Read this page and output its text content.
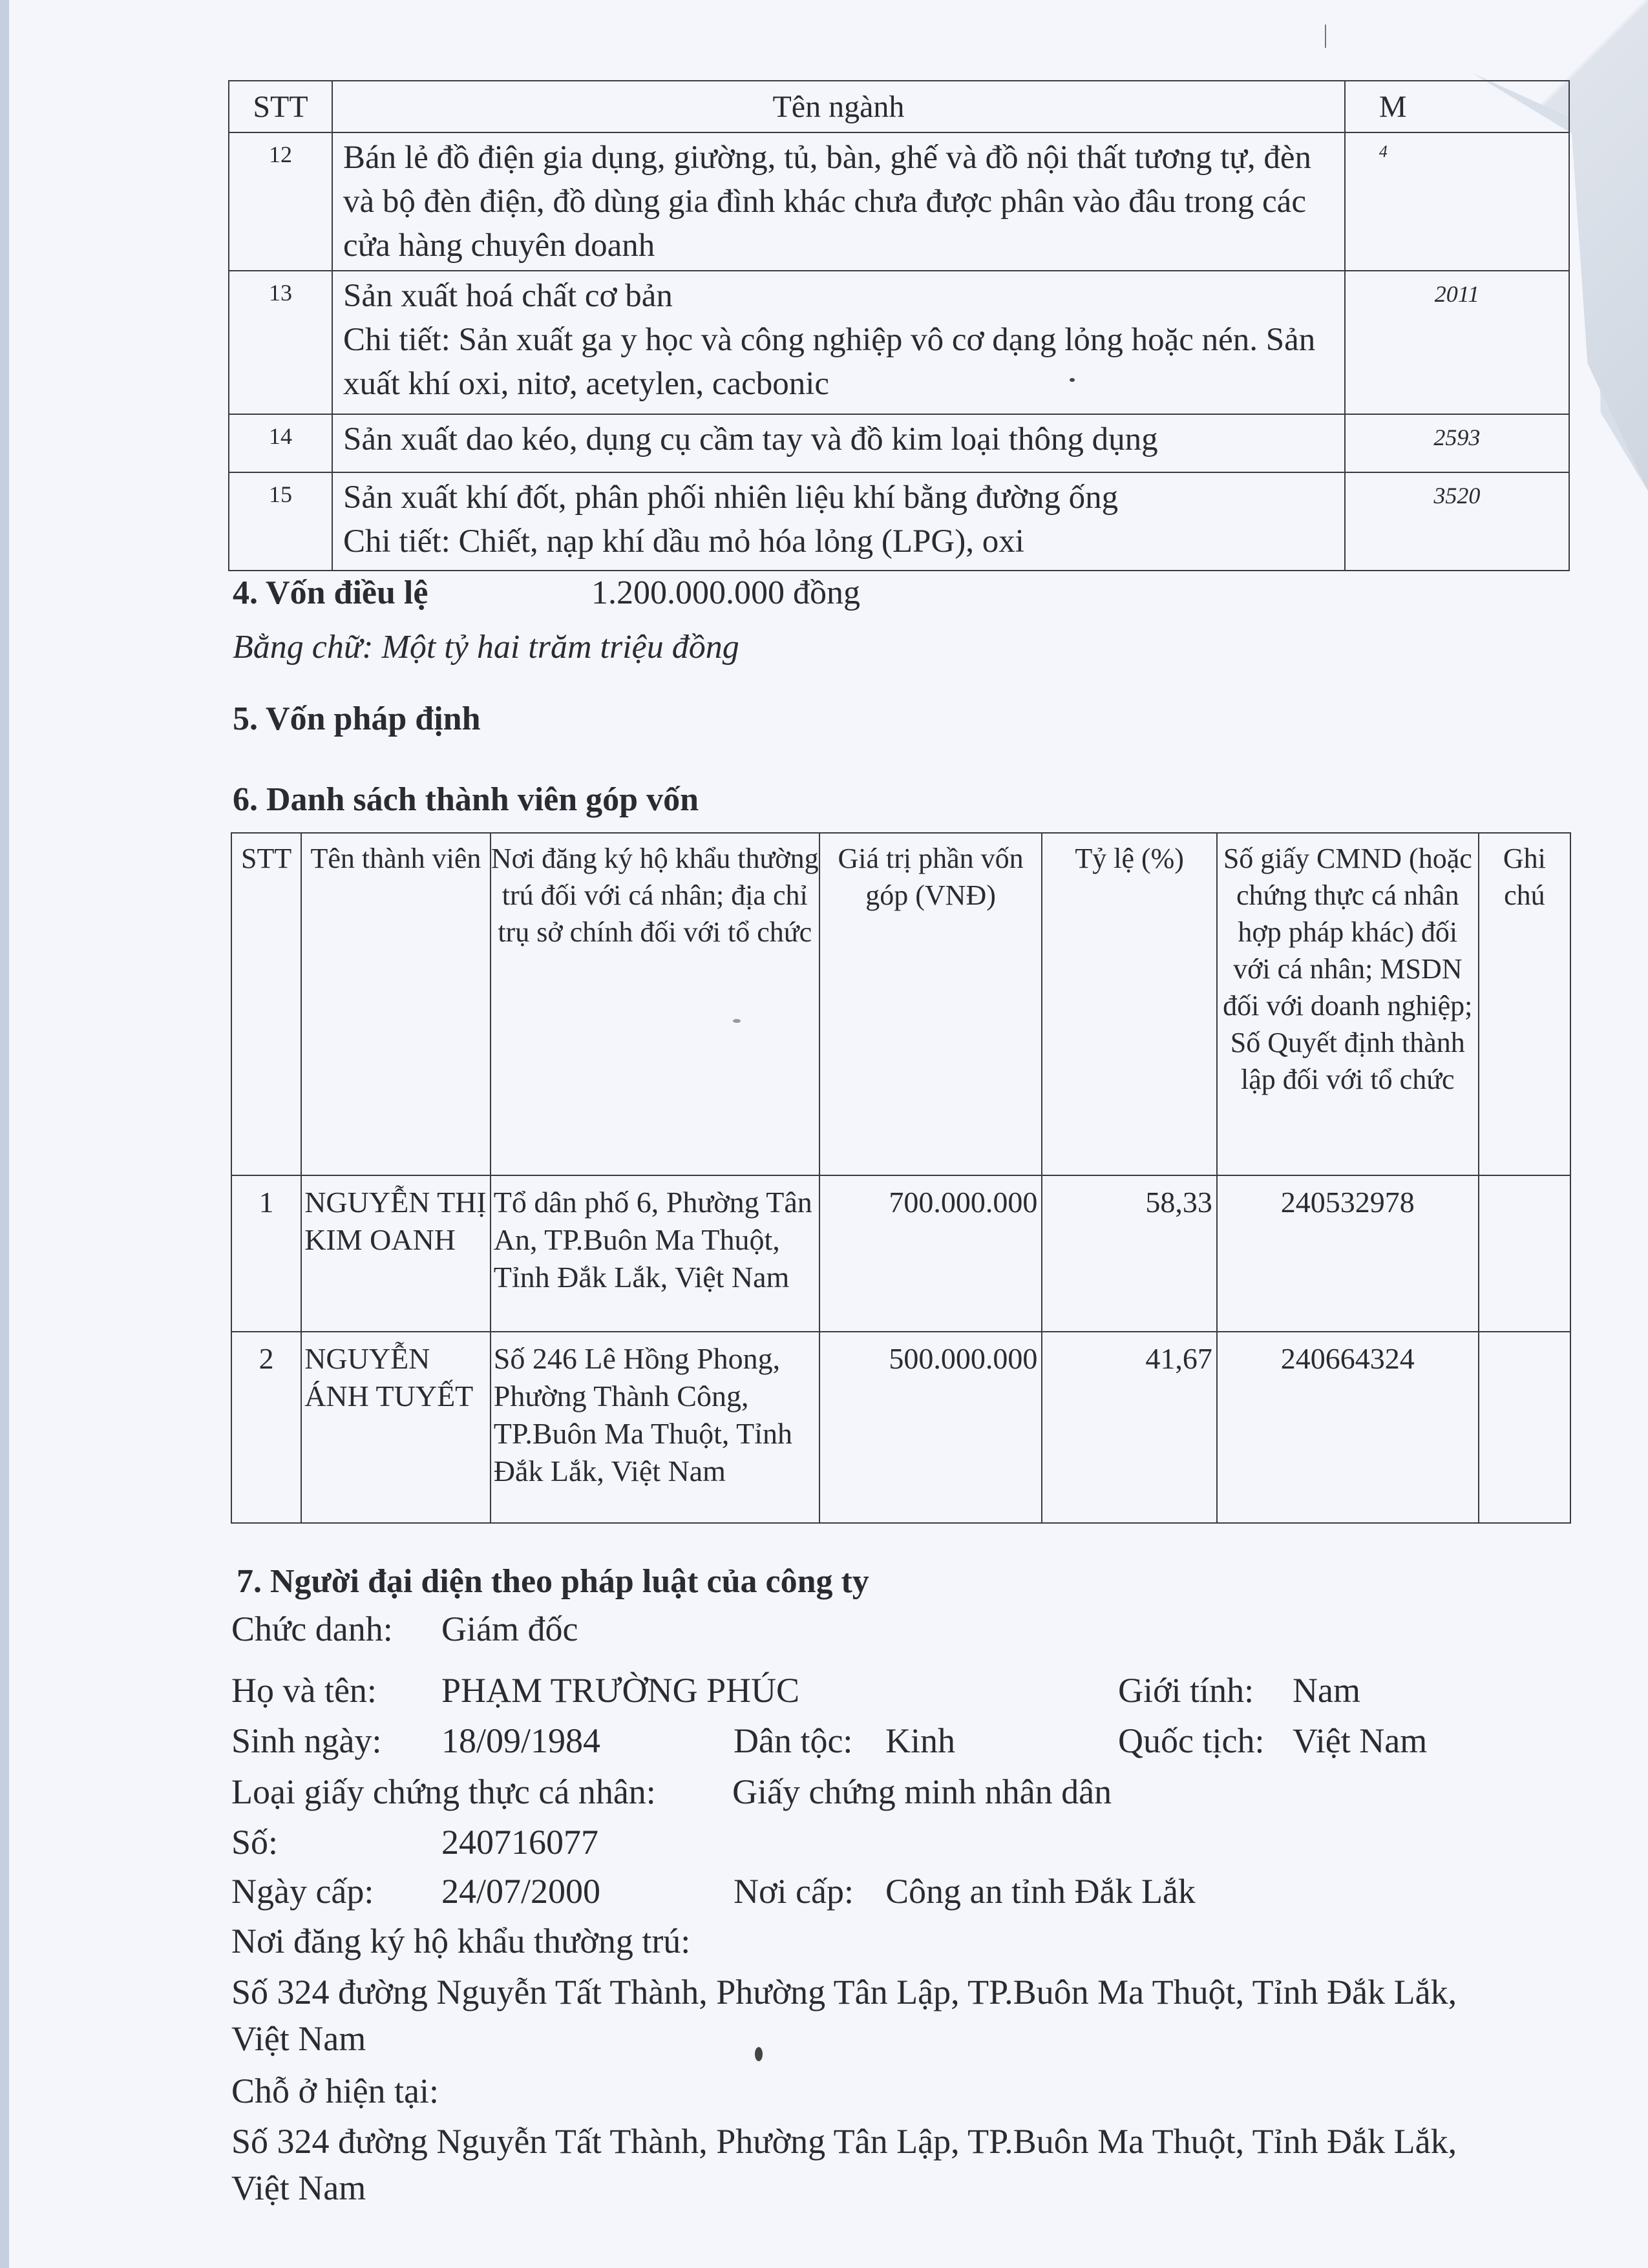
STT	Tên ngành	M
12	Bán lẻ đồ điện gia dụng, giường, tủ, bàn, ghế và đồ nội thất tương tự, đèn và bộ đèn điện, đồ dùng gia đình khác chưa được phân vào đâu trong các cửa hàng chuyên doanh	4
13	Sản xuất hoá chất cơ bản
Chi tiết: Sản xuất ga y học và công nghiệp vô cơ dạng lỏng hoặc nén. Sản xuất khí oxi, nitơ, acetylen, cacbonic	2011
14	Sản xuất dao kéo, dụng cụ cầm tay và đồ kim loại thông dụng	2593
15	Sản xuất khí đốt, phân phối nhiên liệu khí bằng đường ống
Chi tiết: Chiết, nạp khí dầu mỏ hóa lỏng (LPG), oxi	3520
4. Vốn điều lệ	1.200.000.000 đồng
Bằng chữ: Một tỷ hai trăm triệu đồng
5. Vốn pháp định
6. Danh sách thành viên góp vốn
STT	Tên thành viên	Nơi đăng ký hộ khẩu thường trú đối với cá nhân; địa chỉ trụ sở chính đối với tổ chức	Giá trị phần vốn góp (VNĐ)	Tỷ lệ (%)	Số giấy CMND (hoặc chứng thực cá nhân hợp pháp khác) đối với cá nhân; MSDN đối với doanh nghiệp; Số Quyết định thành lập đối với tổ chức	Ghi chú
1	NGUYỄN THỊ KIM OANH	Tổ dân phố 6, Phường Tân An, TP.Buôn Ma Thuột, Tỉnh Đắk Lắk, Việt Nam	700.000.000	58,33	240532978	
2	NGUYỄN ÁNH TUYẾT	Số 246 Lê Hồng Phong, Phường Thành Công, TP.Buôn Ma Thuột, Tỉnh Đắk Lắk, Việt Nam	500.000.000	41,67	240664324	
7. Người đại diện theo pháp luật của công ty
Chức danh: Giám đốc
Họ và tên: PHẠM TRƯỜNG PHÚC	Giới tính: Nam
Sinh ngày: 18/09/1984	Dân tộc: Kinh	Quốc tịch: Việt Nam
Loại giấy chứng thực cá nhân: Giấy chứng minh nhân dân
Số:	240716077
Ngày cấp: 24/07/2000	Nơi cấp: Công an tỉnh Đắk Lắk
Nơi đăng ký hộ khẩu thường trú:
Số 324 đường Nguyễn Tất Thành, Phường Tân Lập, TP.Buôn Ma Thuột, Tỉnh Đắk Lắk,
Việt Nam
Chỗ ở hiện tại:
Số 324 đường Nguyễn Tất Thành, Phường Tân Lập, TP.Buôn Ma Thuột, Tỉnh Đắk Lắk,
Việt Nam
